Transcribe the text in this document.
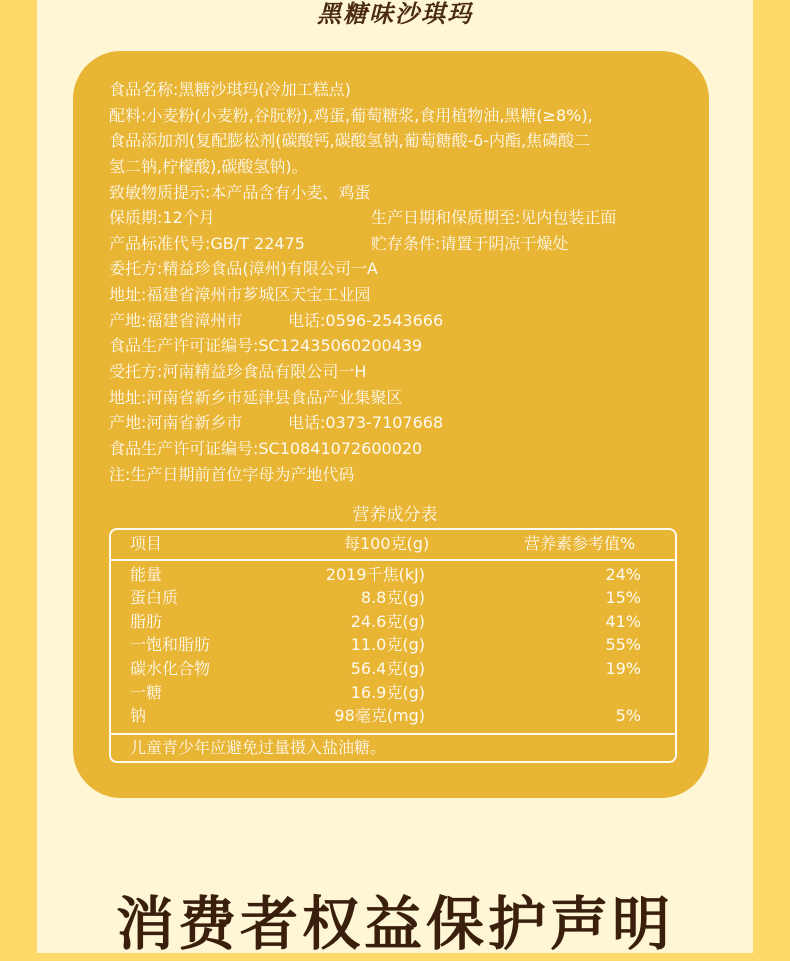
黑糖味沙琪玛
食品名称:黑糖沙琪玛(冷加工糕点)
配料:小麦粉(小麦粉,谷朊粉),鸡蛋,葡萄糖浆,食用植物油,黑糖(≥8%),
食品添加剂(复配膨松剂(碳酸钙,碳酸氢钠,葡萄糖酸-δ-内酯,焦磷酸二
氢二钠,柠檬酸),碳酸氢钠)。
致敏物质提示:本产品含有小麦、鸡蛋
保质期:12个月	生产日期和保质期至:见内包装正面
产品标准代号:GB/T 22475	贮存条件:请置于阴凉干燥处
委托方:精益珍食品(漳州)有限公司一A
地址:福建省漳州市芗城区天宝工业园
产地:福建省漳州市	电话:0596-2543666
食品生产许可证编号:SC12435060200439
受托方:河南精益珍食品有限公司一H
地址:河南省新乡市延津县食品产业集聚区
产地:河南省新乡市	电话:0373-7107668
食品生产许可证编号:SC10841072600020
注:生产日期前首位字母为产地代码
营养成分表
项目	每100克(g)	营养素参考值%
能量	2019千焦(kJ)	24%
蛋白质	8.8克(g)	15%
脂肪	24.6克(g)	41%
一饱和脂肪	11.0克(g)	55%
碳水化合物	56.4克(g)	19%
一糖	16.9克(g)
钠	98毫克(mg)	5%
儿童青少年应避免过量摄入盐油糖。
消费者权益保护声明
